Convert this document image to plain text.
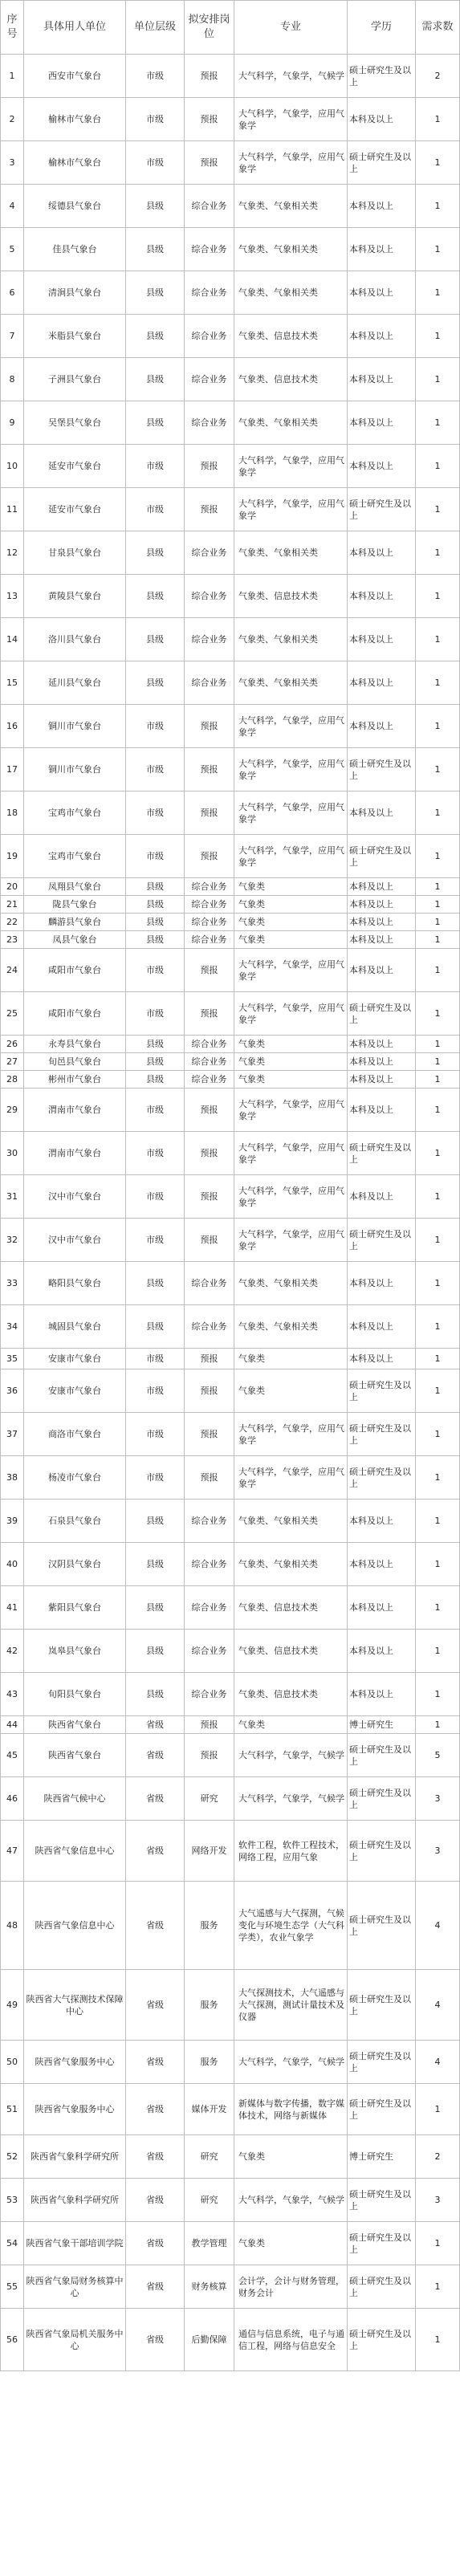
序号	具体用人单位	单位层级	拟安排岗位	专业	学历	需求数
1	西安市气象台	市级	预报	大气科学，气象学，气候学	硕士研究生及以上	2
2	榆林市气象台	市级	预报	大气科学，气象学，应用气象学	本科及以上	1
3	榆林市气象台	市级	预报	大气科学，气象学，应用气象学	硕士研究生及以上	1
4	绥德县气象台	县级	综合业务	气象类、气象相关类	本科及以上	1
5	佳县气象台	县级	综合业务	气象类、气象相关类	本科及以上	1
6	清涧县气象台	县级	综合业务	气象类、气象相关类	本科及以上	1
7	米脂县气象台	县级	综合业务	气象类、信息技术类	本科及以上	1
8	子洲县气象台	县级	综合业务	气象类、信息技术类	本科及以上	1
9	吴堡县气象台	县级	综合业务	气象类、气象相关类	本科及以上	1
10	延安市气象台	市级	预报	大气科学，气象学，应用气象学	本科及以上	1
11	延安市气象台	市级	预报	大气科学，气象学，应用气象学	硕士研究生及以上	1
12	甘泉县气象台	县级	综合业务	气象类、气象相关类	本科及以上	1
13	黄陵县气象台	县级	综合业务	气象类、信息技术类	本科及以上	1
14	洛川县气象台	县级	综合业务	气象类、气象相关类	本科及以上	1
15	延川县气象台	县级	综合业务	气象类、气象相关类	本科及以上	1
16	铜川市气象台	市级	预报	大气科学，气象学，应用气象学	本科及以上	1
17	铜川市气象台	市级	预报	大气科学，气象学，应用气象学	硕士研究生及以上	1
18	宝鸡市气象台	市级	预报	大气科学，气象学，应用气象学	本科及以上	1
19	宝鸡市气象台	市级	预报	大气科学，气象学，应用气象学	硕士研究生及以上	1
20	凤翔县气象台	县级	综合业务	气象类	本科及以上	1
21	陇县气象台	县级	综合业务	气象类	本科及以上	1
22	麟游县气象台	县级	综合业务	气象类	本科及以上	1
23	凤县气象台	县级	综合业务	气象类	本科及以上	1
24	咸阳市气象台	市级	预报	大气科学，气象学，应用气象学	本科及以上	1
25	咸阳市气象台	市级	预报	大气科学，气象学，应用气象学	硕士研究生及以上	1
26	永寿县气象台	县级	综合业务	气象类	本科及以上	1
27	旬邑县气象台	县级	综合业务	气象类	本科及以上	1
28	彬州市气象台	县级	综合业务	气象类	本科及以上	1
29	渭南市气象台	市级	预报	大气科学，气象学，应用气象学	本科及以上	1
30	渭南市气象台	市级	预报	大气科学，气象学，应用气象学	硕士研究生及以上	1
31	汉中市气象台	市级	预报	大气科学，气象学，应用气象学	本科及以上	1
32	汉中市气象台	市级	预报	大气科学，气象学，应用气象学	硕士研究生及以上	1
33	略阳县气象台	县级	综合业务	气象类、气象相关类	本科及以上	1
34	城固县气象台	县级	综合业务	气象类、气象相关类	本科及以上	1
35	安康市气象台	市级	预报	气象类	本科及以上	1
36	安康市气象台	市级	预报	气象类	硕士研究生及以上	1
37	商洛市气象台	市级	预报	大气科学，气象学，应用气象学	硕士研究生及以上	1
38	杨凌市气象台	市级	预报	大气科学，气象学，应用气象学	硕士研究生及以上	1
39	石泉县气象台	县级	综合业务	气象类、气象相关类	本科及以上	1
40	汉阴县气象台	县级	综合业务	气象类、气象相关类	本科及以上	1
41	紫阳县气象台	县级	综合业务	气象类、信息技术类	本科及以上	1
42	岚皋县气象台	县级	综合业务	气象类、信息技术类	本科及以上	1
43	旬阳县气象台	县级	综合业务	气象类、信息技术类	本科及以上	1
44	陕西省气象台	省级	预报	气象类	博士研究生	1
45	陕西省气象台	省级	预报	大气科学，气象学，气候学	硕士研究生及以上	5
46	陕西省气候中心	省级	研究	大气科学，气象学，气候学	硕士研究生及以上	3
47	陕西省气象信息中心	省级	网络开发	软件工程，软件工程技术，网络工程，应用气象	硕士研究生及以上	3
48	陕西省气象信息中心	省级	服务	大气遥感与大气探测，气候变化与环境生态学（大气科学类），农业气象学	硕士研究生及以上	4
49	陕西省大气探测技术保障中心	省级	服务	大气探测技术，大气遥感与大气探测，测试计量技术及仪器	硕士研究生及以上	4
50	陕西省气象服务中心	省级	服务	大气科学，气象学，气候学	硕士研究生及以上	4
51	陕西省气象服务中心	省级	媒体开发	新媒体与数字传播，数字媒体技术，网络与新媒体	硕士研究生及以上	1
52	陕西省气象科学研究所	省级	研究	气象类	博士研究生	2
53	陕西省气象科学研究所	省级	研究	大气科学，气象学，气候学	硕士研究生及以上	3
54	陕西省气象干部培训学院	省级	教学管理	气象类	硕士研究生及以上	1
55	陕西省气象局财务核算中心	省级	财务核算	会计学，会计与财务管理，财务会计	硕士研究生及以上	1
56	陕西省气象局机关服务中心	省级	后勤保障	通信与信息系统，电子与通信工程，网络与信息安全	硕士研究生及以上	1
